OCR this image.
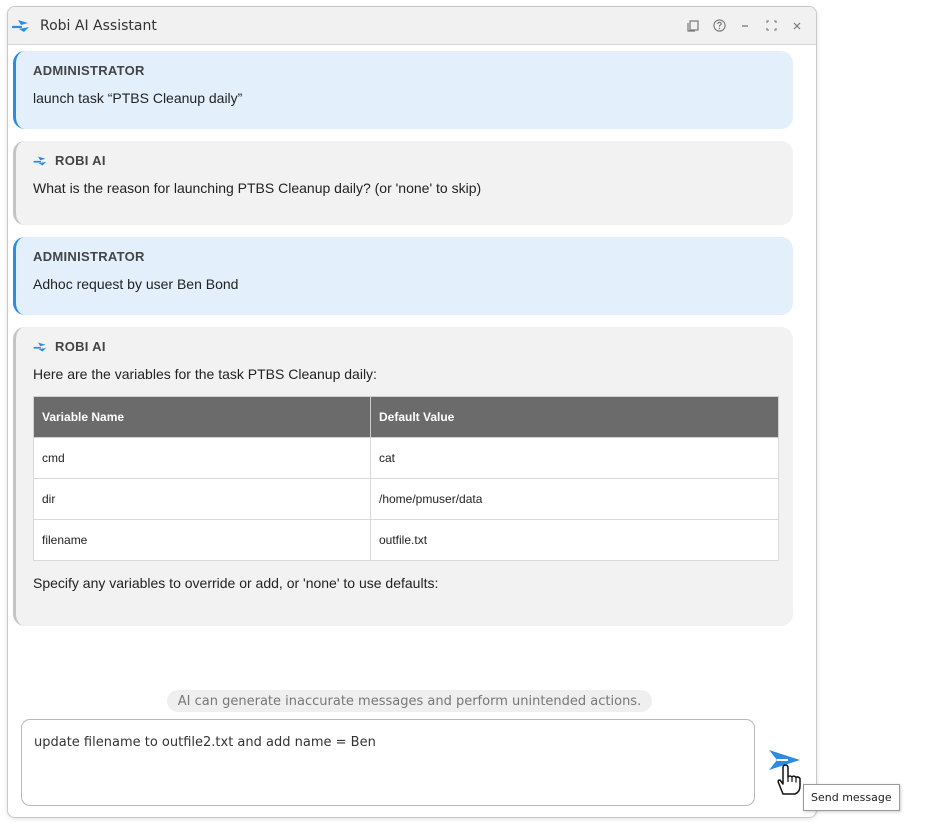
Robi AI Assistant
ADMINISTRATOR
launch task “PTBS Cleanup daily”
ROBI AI
What is the reason for launching PTBS Cleanup daily? (or 'none' to skip)
ADMINISTRATOR
Adhoc request by user Ben Bond
ROBI AI
Here are the variables for the task PTBS Cleanup daily:
Variable Name	Default Value
cmd	cat
dir	/home/pmuser/data
filename	outfile.txt
Specify any variables to override or add, or 'none' to use defaults:
AI can generate inaccurate messages and perform unintended actions.
update filename to outfile2.txt and add name = Ben
Send message
